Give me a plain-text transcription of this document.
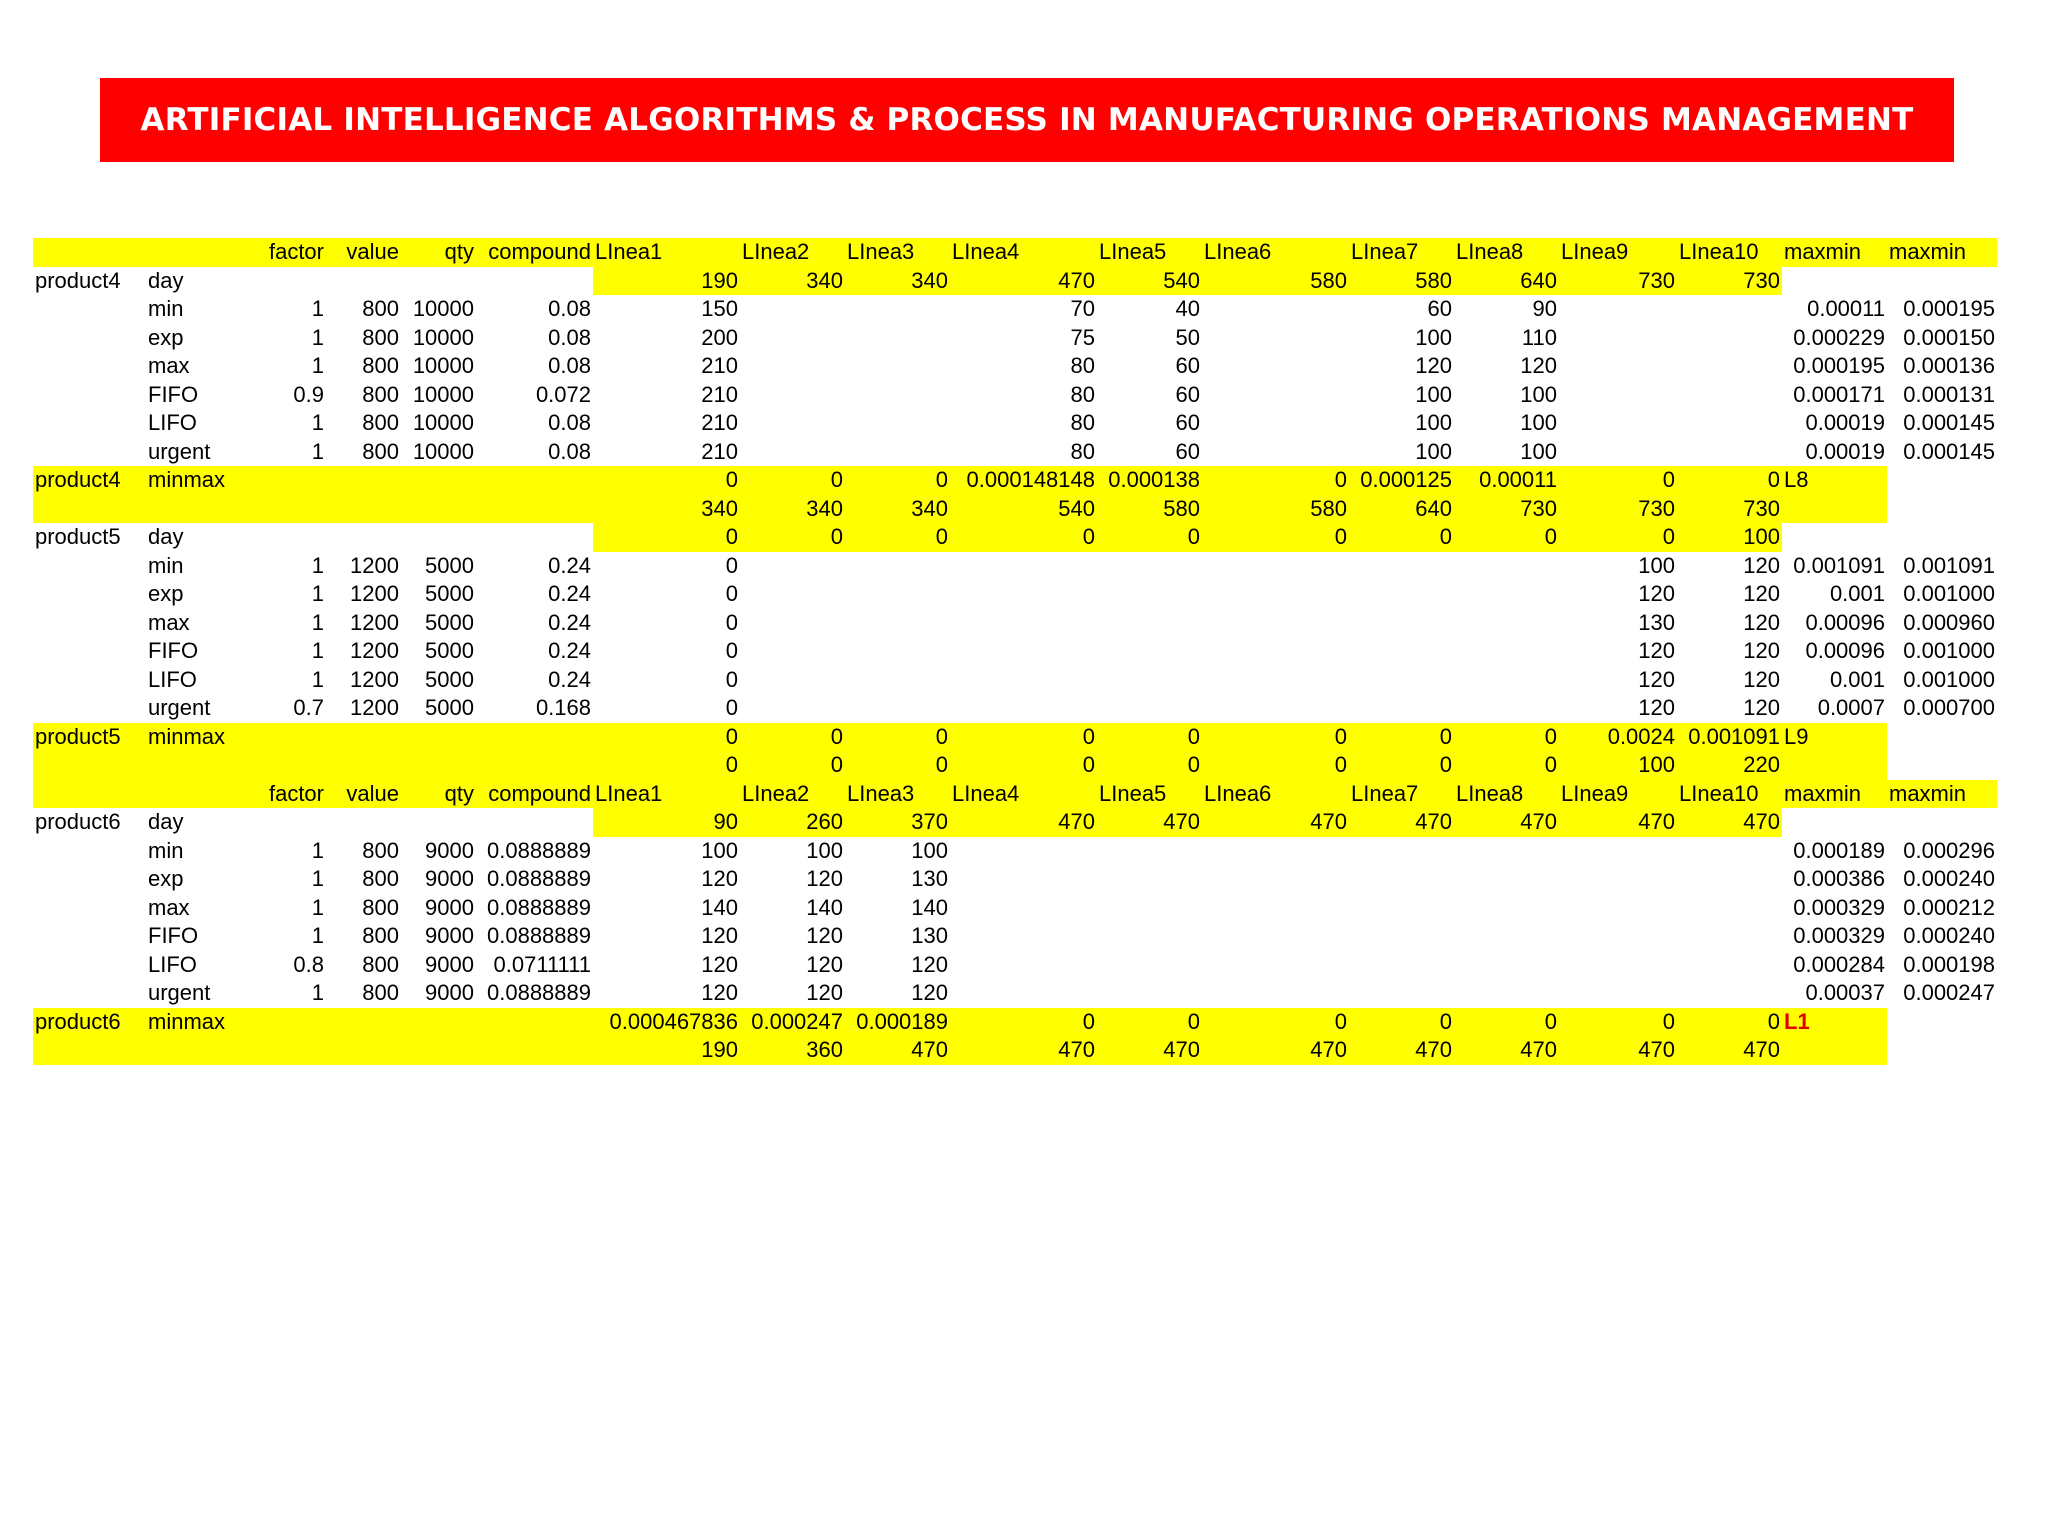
ARTIFICIAL INTELLIGENCE ALGORITHMS & PROCESS IN MANUFACTURING OPERATIONS MANAGEMENT
		factor	value	qty	compound	LInea1	LInea2	LInea3	LInea4	LInea5	LInea6	LInea7	LInea8	LInea9	LInea10	maxmin	maxmin
product4	day					190	340	340	470	540	580	580	640	730	730		
	min	1	800	10000	0.08	150			70	40		60	90			0.00011	0.000195
	exp	1	800	10000	0.08	200			75	50		100	110			0.000229	0.000150
	max	1	800	10000	0.08	210			80	60		120	120			0.000195	0.000136
	FIFO	0.9	800	10000	0.072	210			80	60		100	100			0.000171	0.000131
	LIFO	1	800	10000	0.08	210			80	60		100	100			0.00019	0.000145
	urgent	1	800	10000	0.08	210			80	60		100	100			0.00019	0.000145
product4	minmax					0	0	0	0.000148148	0.000138	0	0.000125	0.00011	0	0	L8	
						340	340	340	540	580	580	640	730	730	730		
product5	day					0	0	0	0	0	0	0	0	0	100		
	min	1	1200	5000	0.24	0								100	120	0.001091	0.001091
	exp	1	1200	5000	0.24	0								120	120	0.001	0.001000
	max	1	1200	5000	0.24	0								130	120	0.00096	0.000960
	FIFO	1	1200	5000	0.24	0								120	120	0.00096	0.001000
	LIFO	1	1200	5000	0.24	0								120	120	0.001	0.001000
	urgent	0.7	1200	5000	0.168	0								120	120	0.0007	0.000700
product5	minmax					0	0	0	0	0	0	0	0	0.0024	0.001091	L9	
						0	0	0	0	0	0	0	0	100	220		
		factor	value	qty	compound	LInea1	LInea2	LInea3	LInea4	LInea5	LInea6	LInea7	LInea8	LInea9	LInea10	maxmin	maxmin
product6	day					90	260	370	470	470	470	470	470	470	470		
	min	1	800	9000	0.0888889	100	100	100								0.000189	0.000296
	exp	1	800	9000	0.0888889	120	120	130								0.000386	0.000240
	max	1	800	9000	0.0888889	140	140	140								0.000329	0.000212
	FIFO	1	800	9000	0.0888889	120	120	130								0.000329	0.000240
	LIFO	0.8	800	9000	0.0711111	120	120	120								0.000284	0.000198
	urgent	1	800	9000	0.0888889	120	120	120								0.00037	0.000247
product6	minmax					0.000467836	0.000247	0.000189	0	0	0	0	0	0	0	L1	
						190	360	470	470	470	470	470	470	470	470		
